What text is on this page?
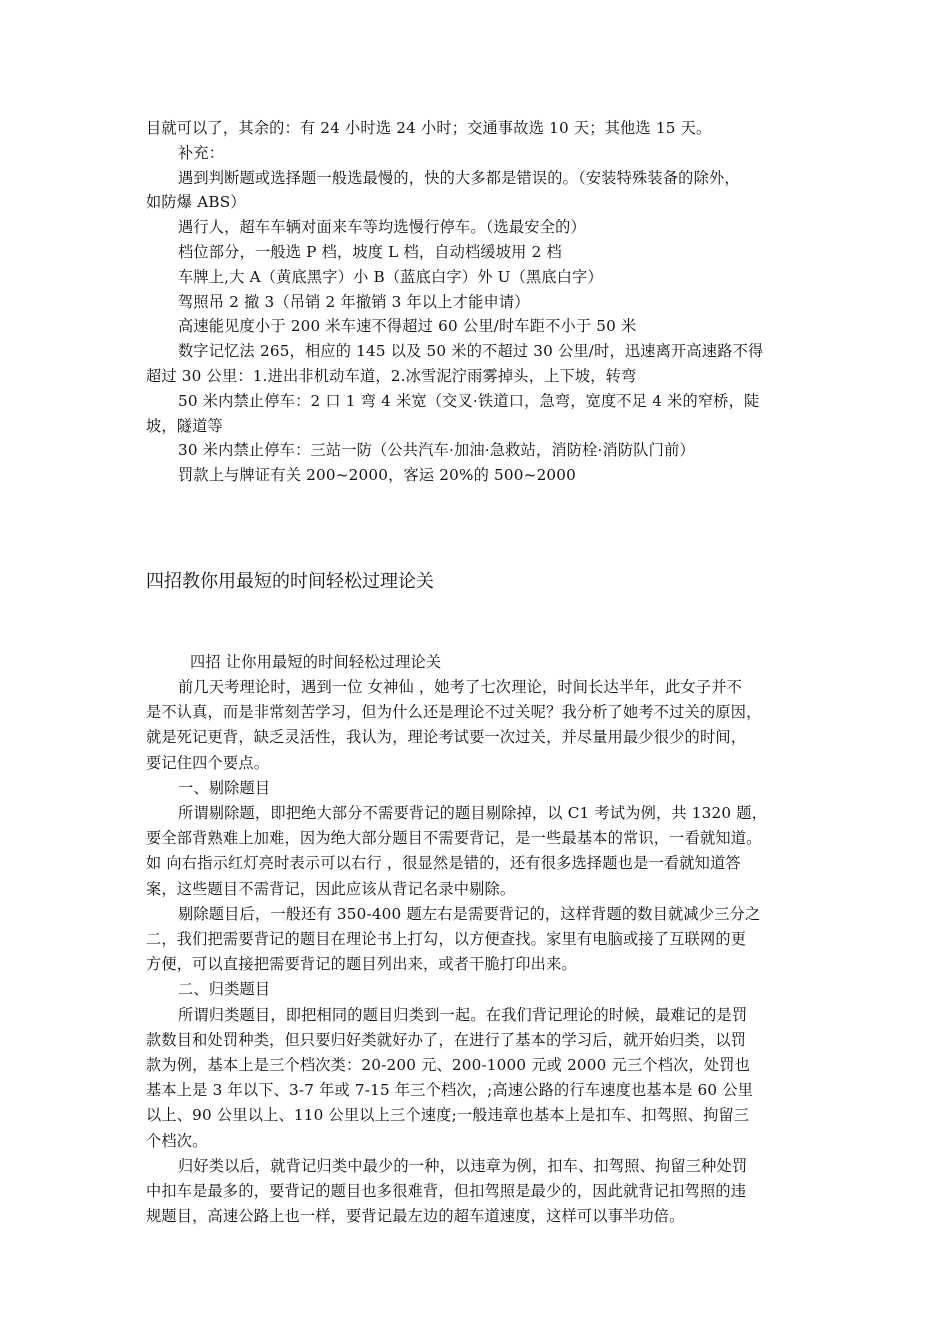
目就可以了，其余的：有 24 小时选 24 小时；交通事故选 10 天；其他选 15 天。
补充：
遇到判断题或选择题一般选最慢的，快的大多都是错误的。（安装特殊装备的除外，
如防爆 ABS）
遇行人，超车车辆对面来车等均选慢行停车。（选最安全的）
档位部分，一般选 P 档，坡度 L 档，自动档缓坡用 2 档
车牌上,大 A（黄底黑字）小 B（蓝底白字）外 U（黑底白字）
驾照吊 2 撤 3（吊销 2 年撤销 3 年以上才能申请）
高速能见度小于 200 米车速不得超过 60 公里/时车距不小于 50 米
数字记忆法 265，相应的 145 以及 50 米的不超过 30 公里/时，迅速离开高速路不得
超过 30 公里：1.进出非机动车道，2.冰雪泥泞雨雾掉头，上下坡，转弯
50 米内禁止停车：2 口 1 弯 4 米宽（交叉·铁道口，急弯，宽度不足 4 米的窄桥，陡
坡，隧道等
30 米内禁止停车：三站一防（公共汽车·加油·急救站，消防栓·消防队门前）
罚款上与牌证有关 200~2000，客运 20%的 500~2000
四招教你用最短的时间轻松过理论关
四招 让你用最短的时间轻松过理论关
前几天考理论时，遇到一位 女神仙 ，她考了七次理论，时间长达半年，此女子并不
是不认真，而是非常刻苦学习，但为什么还是理论不过关呢？我分析了她考不过关的原因，
就是死记更背，缺乏灵活性，我认为，理论考试要一次过关，并尽量用最少很少的时间，
要记住四个要点。
一、剔除题目
所谓剔除题，即把绝大部分不需要背记的题目剔除掉，以 C1 考试为例，共 1320 题，
要全部背熟难上加难，因为绝大部分题目不需要背记，是一些最基本的常识，一看就知道。
如 向右指示红灯亮时表示可以右行 ，很显然是错的，还有很多选择题也是一看就知道答
案，这些题目不需背记，因此应该从背记名录中剔除。
剔除题目后，一般还有 350-400 题左右是需要背记的，这样背题的数目就减少三分之
二，我们把需要背记的题目在理论书上打勾，以方便查找。家里有电脑或接了互联网的更
方便，可以直接把需要背记的题目列出来，或者干脆打印出来。
二、归类题目
所谓归类题目，即把相同的题目归类到一起。在我们背记理论的时候，最难记的是罚
款数目和处罚种类，但只要归好类就好办了，在进行了基本的学习后，就开始归类，以罚
款为例，基本上是三个档次类：20-200 元、200-1000 元或 2000 元三个档次，处罚也
基本上是 3 年以下、3-7 年或 7-15 年三个档次，;高速公路的行车速度也基本是 60 公里
以上、90 公里以上、110 公里以上三个速度;一般违章也基本上是扣车、扣驾照、拘留三
个档次。
归好类以后，就背记归类中最少的一种，以违章为例，扣车、扣驾照、拘留三种处罚
中扣车是最多的，要背记的题目也多很难背，但扣驾照是最少的，因此就背记扣驾照的违
规题目，高速公路上也一样，要背记最左边的超车道速度，这样可以事半功倍。
